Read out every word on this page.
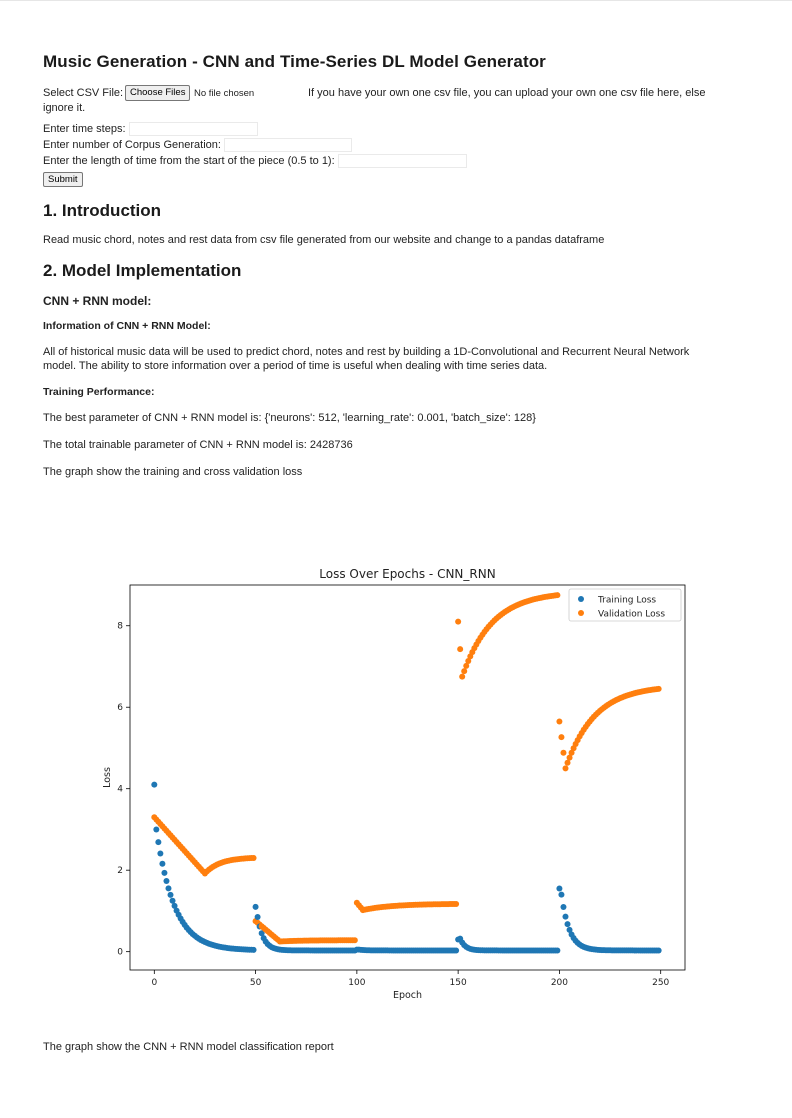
Music Generation - CNN and Time-Series DL Model Generator
Select CSV File: Choose Files No file chosen	If you have your own one csv file, you can upload your own one csv file here, else
ignore it.
Enter time steps:
Enter number of Corpus Generation:
Enter the length of time from the start of the piece (0.5 to 1):
Submit
1. Introduction
Read music chord, notes and rest data from csv file generated from our website and change to a pandas dataframe
2. Model Implementation
CNN + RNN model:
Information of CNN + RNN Model:
All of historical music data will be used to predict chord, notes and rest by building a 1D-Convolutional and Recurrent Neural Network model. The ability to store information over a period of time is useful when dealing with time series data.
Training Performance:
The best parameter of CNN + RNN model is: {'neurons': 512, 'learning_rate': 0.001, 'batch_size': 128}
The total trainable parameter of CNN + RNN model is: 2428736
The graph show the training and cross validation loss
Loss Over Epochs - CNN_RNN
Epoch
Loss
0	50	100	150	200	250
0
2
4
6
8
Training Loss
Validation Loss
The graph show the CNN + RNN model classification report
